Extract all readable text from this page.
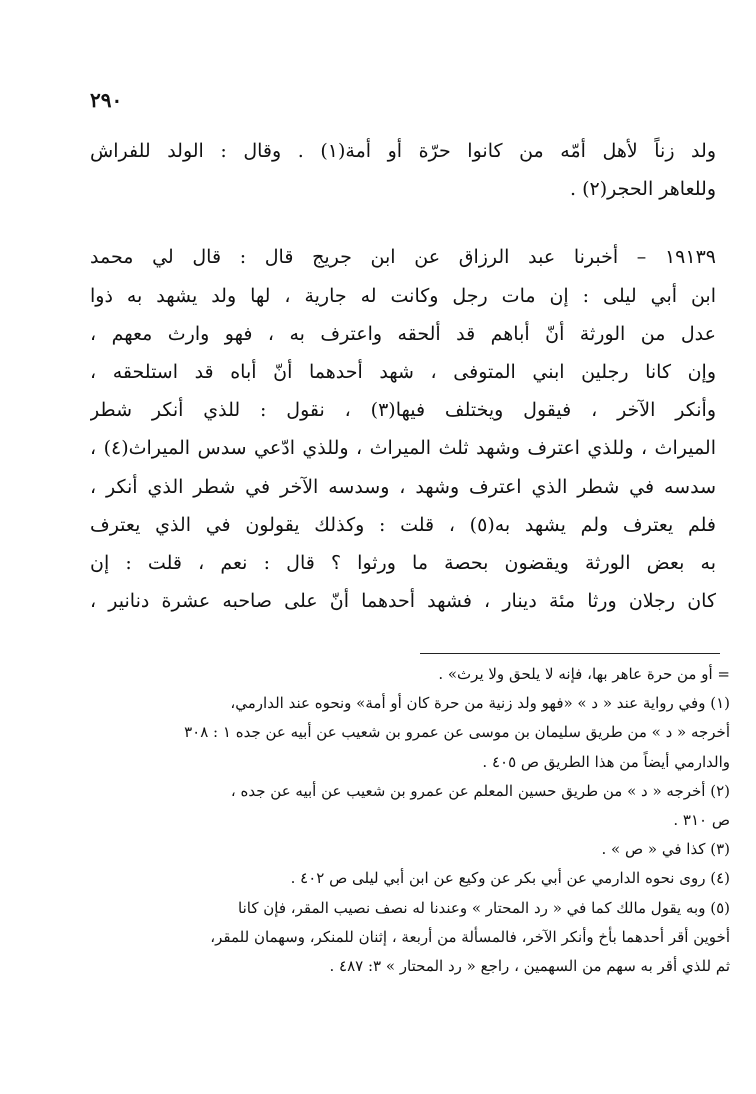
٢٩٠
ولد زناً لأهل أمّه من كانوا حرّة أو أمة(١) . وقال : الولد للفراش
وللعاهر الحجر(٢) .
١٩١٣٩ – أخبرنا عبد الرزاق عن ابن جريج قال : قال لي محمد
ابن أبي ليلى : إن مات رجل وكانت له جارية ، لها ولد يشهد به ذوا
عدل من الورثة أنّ أباهم قد ألحقه واعترف به ، فهو وارث معهم ،
وإن كانا رجلين ابني المتوفى ، شهد أحدهما أنّ أباه قد استلحقه ،
وأنكر الآخر ، فيقول ويختلف فيها(٣) ، نقول : للذي أنكر شطر
الميراث ، وللذي اعترف وشهد ثلث الميراث ، وللذي ادّعي سدس الميراث(٤) ،
سدسه في شطر الذي اعترف وشهد ، وسدسه الآخر في شطر الذي أنكر ،
فلم يعترف ولم يشهد به(٥) ، قلت : وكذلك يقولون في الذي يعترف
به بعض الورثة ويقضون بحصة ما ورثوا ؟ قال : نعم ، قلت : إن
كان رجلان ورثا مئة دينار ، فشهد أحدهما أنّ على صاحبه عشرة دنانير ،
= أو من حرة عاهر بها، فإنه لا يلحق ولا يرث» .
(١) وفي رواية عند « د » «فهو ولد زنية من حرة كان أو أمة» ونحوه عند الدارمي،
أخرجه « د » من طريق سليمان بن موسى عن عمرو بن شعيب عن أبيه عن جده ١ : ٣٠٨
والدارمي أيضاً من هذا الطريق ص ٤٠٥ .
(٢) أخرجه « د » من طريق حسين المعلم عن عمرو بن شعيب عن أبيه عن جده ،
ص ٣١٠ .
(٣) كذا في « ص » .
(٤) روى نحوه الدارمي عن أبي بكر عن وكيع عن ابن أبي ليلى ص ٤٠٢ .
(٥) وبه يقول مالك كما في « رد المحتار » وعندنا له نصف نصيب المقر، فإن كانا
أخوين أقر أحدهما بأخ وأنكر الآخر، فالمسألة من أربعة ، إثنان للمنكر، وسهمان للمقر،
ثم للذي أقر به سهم من السهمين ، راجع « رد المحتار » ٣: ٤٨٧ .
